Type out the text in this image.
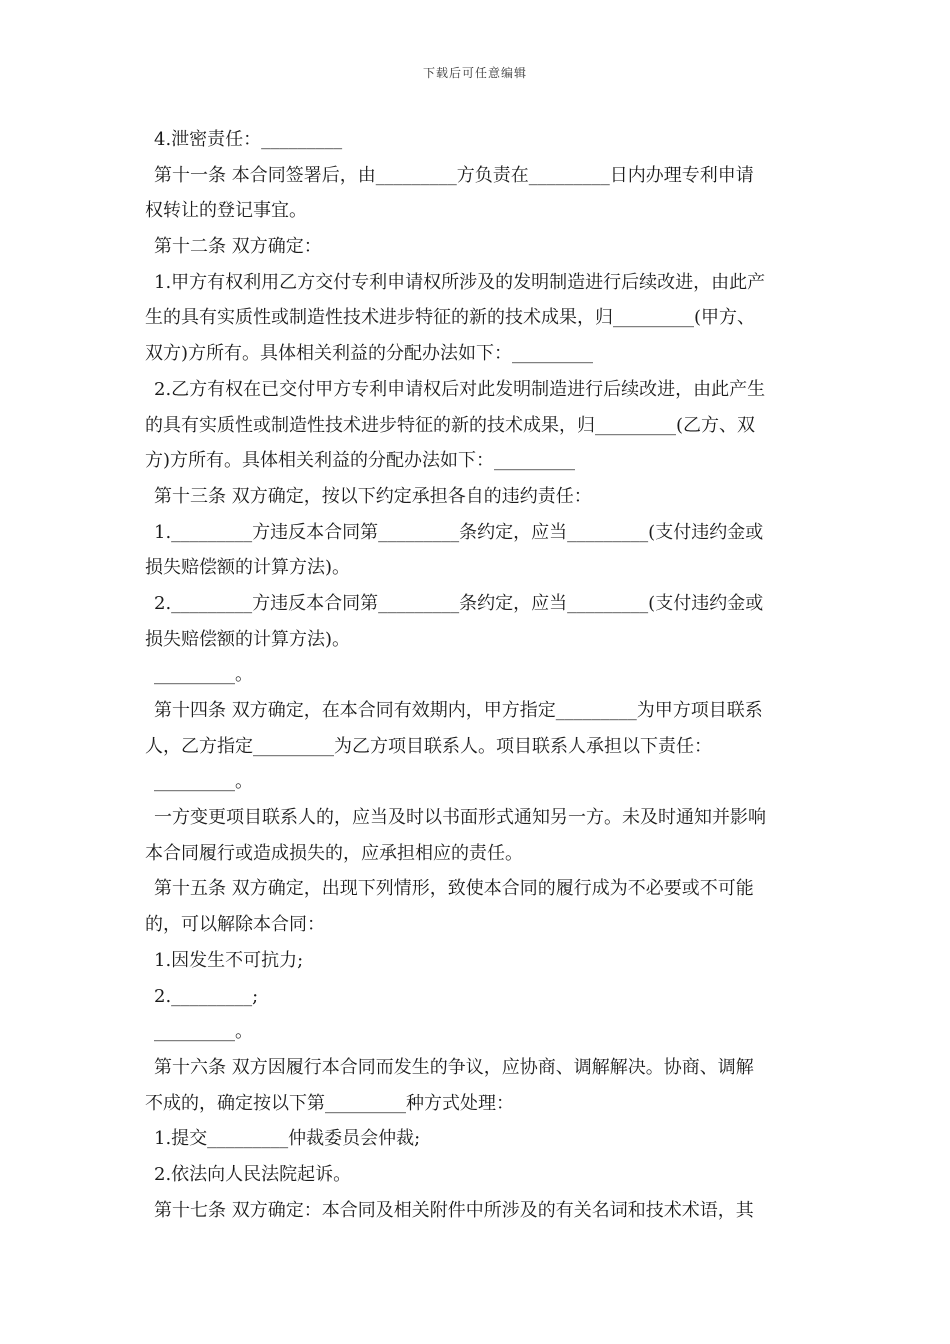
下载后可任意编辑
4.泄密责任：_________
第十一条 本合同签署后，由_________方负责在_________日内办理专利申请
权转让的登记事宜。
第十二条 双方确定：
1.甲方有权利用乙方交付专利申请权所涉及的发明制造进行后续改进，由此产
生的具有实质性或制造性技术进步特征的新的技术成果，归_________(甲方、
双方)方所有。具体相关利益的分配办法如下：_________
2.乙方有权在已交付甲方专利申请权后对此发明制造进行后续改进，由此产生
的具有实质性或制造性技术进步特征的新的技术成果，归_________(乙方、双
方)方所有。具体相关利益的分配办法如下：_________
第十三条 双方确定，按以下约定承担各自的违约责任：
1._________方违反本合同第_________条约定，应当_________(支付违约金或
损失赔偿额的计算方法)。
2._________方违反本合同第_________条约定，应当_________(支付违约金或
损失赔偿额的计算方法)。
_________。
第十四条 双方确定，在本合同有效期内，甲方指定_________为甲方项目联系
人，乙方指定_________为乙方项目联系人。项目联系人承担以下责任：
_________。
一方变更项目联系人的，应当及时以书面形式通知另一方。未及时通知并影响
本合同履行或造成损失的，应承担相应的责任。
第十五条 双方确定，出现下列情形，致使本合同的履行成为不必要或不可能
的，可以解除本合同：
1.因发生不可抗力;
2._________;
_________。
第十六条 双方因履行本合同而发生的争议，应协商、调解解决。协商、调解
不成的，确定按以下第_________种方式处理：
1.提交_________仲裁委员会仲裁;
2.依法向人民法院起诉。
第十七条 双方确定：本合同及相关附件中所涉及的有关名词和技术术语，其
